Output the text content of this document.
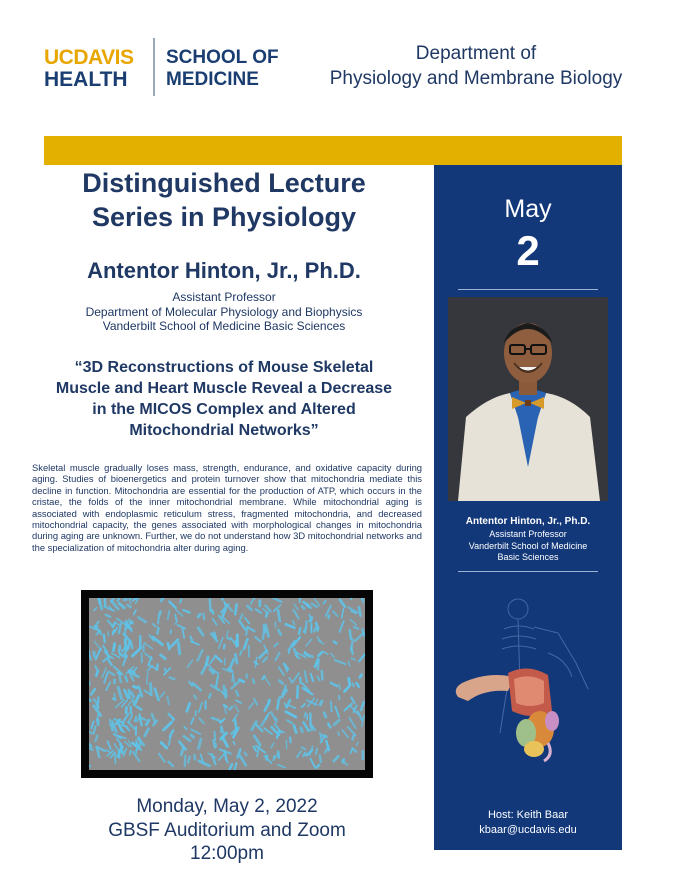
UCDAVIS
HEALTH
SCHOOL OF
MEDICINE
Department of
Physiology and Membrane Biology
Distinguished Lecture
Series in Physiology
Antentor Hinton, Jr., Ph.D.
Assistant Professor
Department of Molecular Physiology and Biophysics
Vanderbilt School of Medicine Basic Sciences
“3D Reconstructions of Mouse Skeletal
Muscle and Heart Muscle Reveal a Decrease
in the MICOS Complex and Altered
Mitochondrial Networks”

Skeletal muscle gradually loses mass, strength, endurance, and oxidative capacity during aging. Studies of bioenergetics and protein turnover show that mitochondria mediate this decline in function. Mitochondria are essential for the production of ATP, which occurs in the cristae, the folds of the inner mitochondrial membrane. While mitochondrial aging is associated with endoplasmic reticulum stress, fragmented mitochondria, and decreased mitochondrial capacity, the genes associated with morphological changes in mitochondria during aging are unknown. Further, we do not understand how 3D mitochondrial networks and the specialization of mitochondria alter during aging.

Monday, May 2, 2022
GBSF Auditorium and Zoom
12:00pm
May
2
Antentor Hinton, Jr., Ph.D.
Assistant Professor
Vanderbilt School of Medicine
Basic Sciences
Host: Keith Baar
kbaar@ucdavis.edu
